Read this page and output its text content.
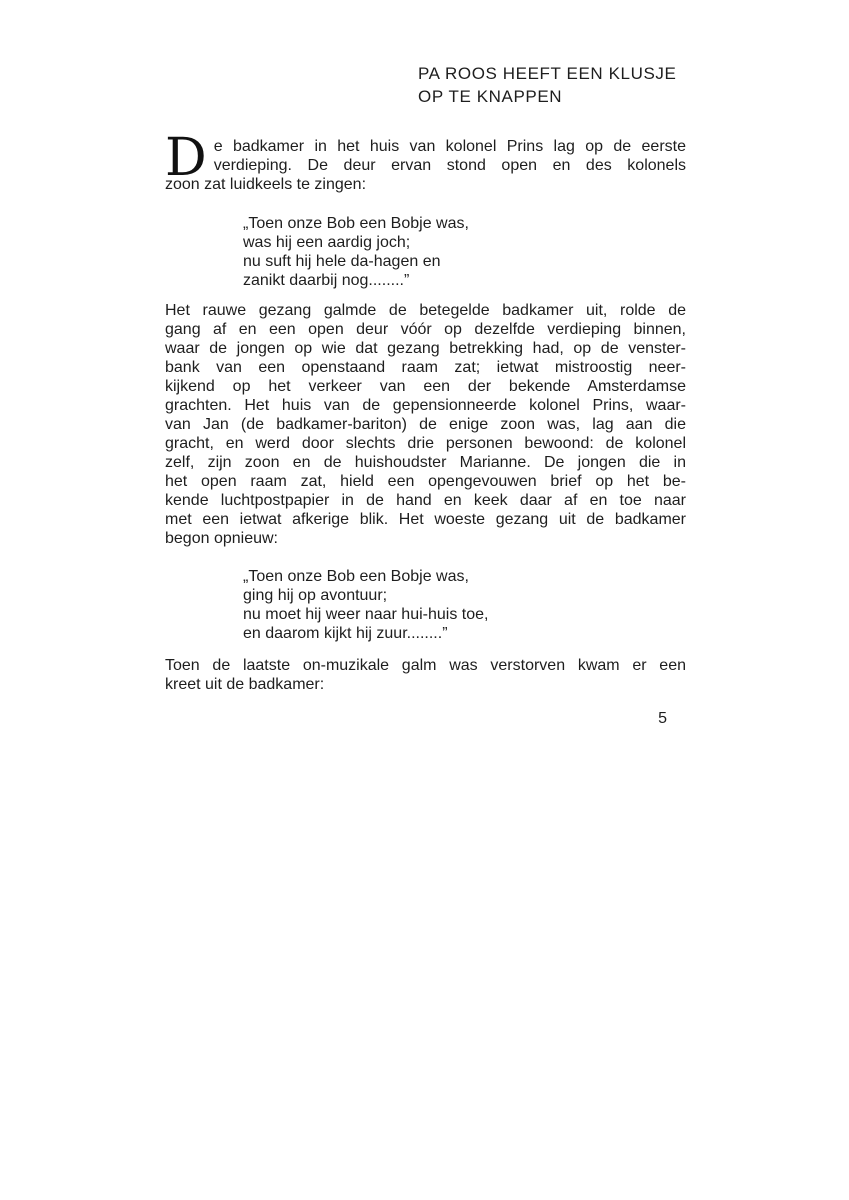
PA ROOS HEEFT EEN KLUSJE
OP TE KNAPPEN
D e badkamer in het huis van kolonel Prins lag op de eerste
verdieping. De deur ervan stond open en des kolonels
zoon zat luidkeels te zingen:
„Toen onze Bob een Bobje was,
was hij een aardig joch;
nu suft hij hele da-hagen en
zanikt daarbij nog........”
Het rauwe gezang galmde de betegelde badkamer uit, rolde de
gang af en een open deur vóór op dezelfde verdieping binnen,
waar de jongen op wie dat gezang betrekking had, op de venster-
bank van een openstaand raam zat; ietwat mistroostig neer-
kijkend op het verkeer van een der bekende Amsterdamse
grachten. Het huis van de gepensionneerde kolonel Prins, waar-
van Jan (de badkamer-bariton) de enige zoon was, lag aan die
gracht, en werd door slechts drie personen bewoond: de kolonel
zelf, zijn zoon en de huishoudster Marianne. De jongen die in
het open raam zat, hield een opengevouwen brief op het be-
kende luchtpostpapier in de hand en keek daar af en toe naar
met een ietwat afkerige blik. Het woeste gezang uit de badkamer
begon opnieuw:
„Toen onze Bob een Bobje was,
ging hij op avontuur;
nu moet hij weer naar hui-huis toe,
en daarom kijkt hij zuur........”
Toen de laatste on-muzikale galm was verstorven kwam er een
kreet uit de badkamer:
5
